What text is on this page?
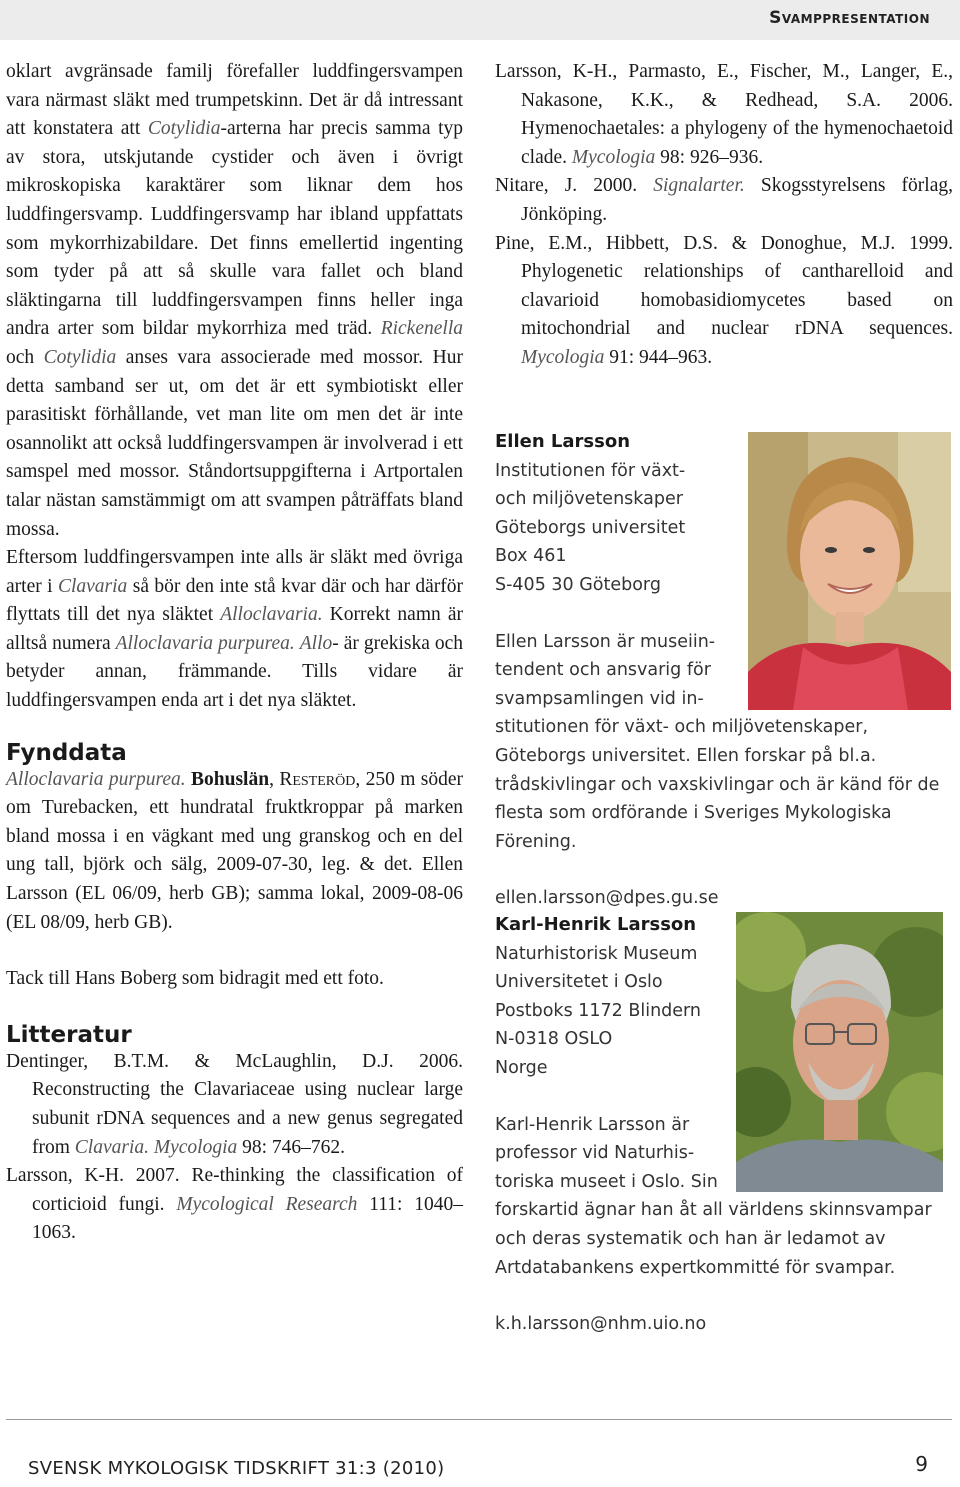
Svamppresentation

oklart avgränsade familj förefaller luddfingersvampen vara närmast släkt med trumpetskinn. Det är då intressant att konstatera att Cotylidia-arterna har precis samma typ av stora, utskjutande cystider och även i övrigt mikroskopiska karaktärer som liknar dem hos luddfingersvamp. Luddfingersvamp har ibland uppfattats som mykorrhizabildare. Det finns emellertid ingenting som tyder på att så skulle vara fallet och bland släktingarna till luddfingersvampen finns heller inga andra arter som bildar mykorrhiza med träd. Rickenella och Cotylidia anses vara associerade med mossor. Hur detta samband ser ut, om det är ett symbiotiskt eller parasitiskt förhållande, vet man lite om men det är inte osannolikt att också luddfingersvampen är involverad i ett samspel med mossor. Ståndortsuppgifterna i Artportalen talar nästan samstämmigt om att svampen påträffats bland mossa.

Eftersom luddfingersvampen inte alls är släkt med övriga arter i Clavaria så bör den inte stå kvar där och har därför flyttats till det nya släktet Alloclavaria. Korrekt namn är alltså numera Alloclavaria purpurea. Allo- är grekiska och betyder annan, främmande. Tills vidare är luddfingersvampen enda art i det nya släktet.

Fynddata

Alloclavaria purpurea. Bohuslän, Resteröd, 250 m söder om Turebacken, ett hundratal fruktkroppar på marken bland mossa i en vägkant med ung granskog och en del ung tall, björk och sälg, 2009-07-30, leg. & det. Ellen Larsson (EL 06/09, herb GB); samma lokal, 2009-08-06 (EL 08/09, herb GB).

Tack till Hans Boberg som bidragit med ett foto.

Litteratur

Dentinger, B.T.M. & McLaughlin, D.J. 2006. Reconstructing the Clavariaceae using nuclear large subunit rDNA sequences and a new genus segregated from Clavaria. Mycologia 98: 746–762.

Larsson, K-H. 2007. Re-thinking the classification of corticioid fungi. Mycological Research 111: 1040–1063.

Larsson, K-H., Parmasto, E., Fischer, M., Langer, E., Nakasone, K.K., & Redhead, S.A. 2006. Hymenochaetales: a phylogeny of the hymenochaetoid clade. Mycologia 98: 926–936.

Nitare, J. 2000. Signalarter. Skogsstyrelsens förlag, Jönköping.

Pine, E.M., Hibbett, D.S. & Donoghue, M.J. 1999. Phylogenetic relationships of cantharelloid and clavarioid homobasidiomycetes based on mitochondrial and nuclear rDNA sequences. Mycologia 91: 944–963.

Ellen Larsson

Institutionen för växt-

och miljövetenskaper

Göteborgs universitet

Box 461

S-405 30 Göteborg

Ellen Larsson är museiin-

tendent och ansvarig för

svampsamlingen vid in-

stitutionen för växt- och miljövetenskaper, Göteborgs universitet. Ellen forskar på bl.a. trådskivlingar och vaxskivlingar och är känd för de flesta som ordförande i Sveriges Mykologiska Förening.

ellen.larsson@dpes.gu.se

Karl-Henrik Larsson

Naturhistorisk Museum

Universitetet i Oslo

Postboks 1172 Blindern

N-0318 OSLO

Norge

Karl-Henrik Larsson är

professor vid Naturhis-

toriska museet i Oslo. Sin

forskartid ägnar han åt all världens skinnsvampar och deras systematik och han är ledamot av Artdatabankens expertkommitté för svampar.

k.h.larsson@nhm.uio.no

SVENSK MYKOLOGISK TIDSKRIFT 31:3 (2010)	9
